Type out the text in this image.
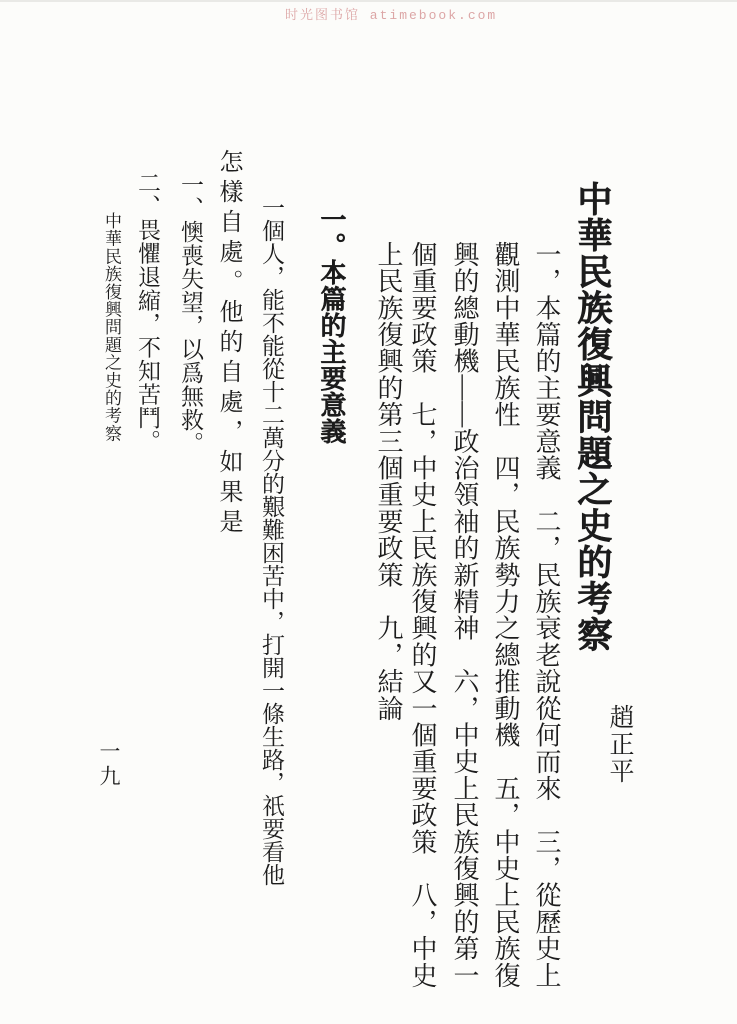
时光图书馆 atimebook.com
中華民族復興問題之史的考察
趙正平
一，本篇的主要意義　二，民族衰老說從何而來　三，從歷史上
觀測中華民族性　四，民族勢力之總推動機　五，中史上民族復
興的總動機——政治領袖的新精神　六，中史上民族復興的第一
個重要政策　七，中史上民族復興的又一個重要政策　八，中史
上民族復興的第三個重要政策　九，結論
一。本篇的主要意義
一個人，能不能從十二萬分的艱難困苦中，打開一條生路，祇要看他
怎樣自處。他的自處，如果是
一、懊喪失望，以爲無救。
二、畏懼退縮，不知苦鬥。
中華民族復興問題之史的考察
一九
